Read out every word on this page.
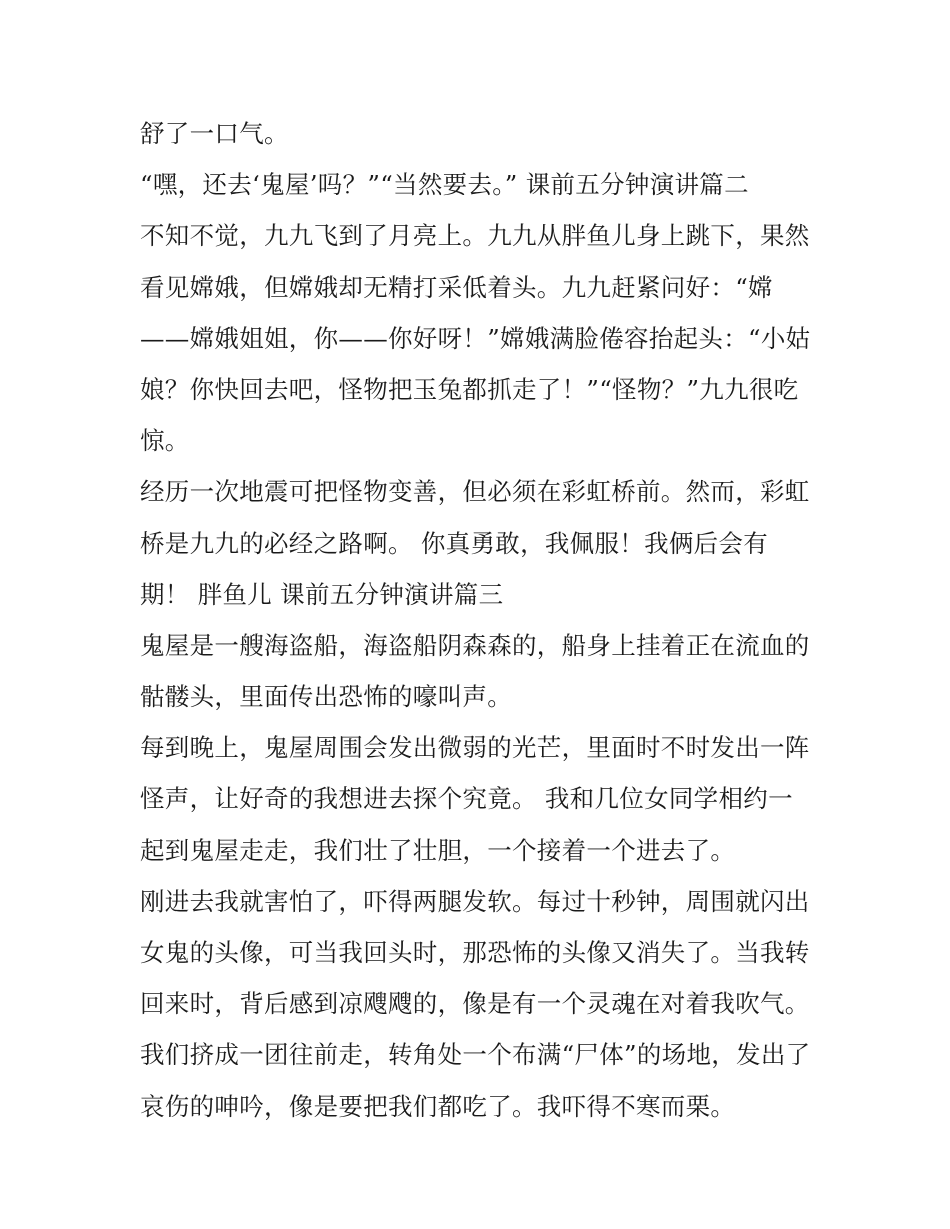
舒了一口气。
“嘿，还去‘鬼屋’吗？”“当然要去。” 课前五分钟演讲篇二
不知不觉，九九飞到了月亮上。九九从胖鱼儿身上跳下，果然
看见嫦娥，但嫦娥却无精打采低着头。九九赶紧问好：“嫦
——嫦娥姐姐，你——你好呀！”嫦娥满脸倦容抬起头：“小姑
娘？你快回去吧，怪物把玉兔都抓走了！”“怪物？”九九很吃
惊。
经历一次地震可把怪物变善，但必须在彩虹桥前。然而，彩虹
桥是九九的必经之路啊。 你真勇敢，我佩服！我俩后会有
期！ 胖鱼儿 课前五分钟演讲篇三
鬼屋是一艘海盗船，海盗船阴森森的，船身上挂着正在流血的
骷髅头，里面传出恐怖的嚎叫声。
每到晚上，鬼屋周围会发出微弱的光芒，里面时不时发出一阵
怪声，让好奇的我想进去探个究竟。 我和几位女同学相约一
起到鬼屋走走，我们壮了壮胆，一个接着一个进去了。
刚进去我就害怕了，吓得两腿发软。每过十秒钟，周围就闪出
女鬼的头像，可当我回头时，那恐怖的头像又消失了。当我转
回来时，背后感到凉飕飕的，像是有一个灵魂在对着我吹气。
我们挤成一团往前走，转角处一个布满“尸体”的场地，发出了
哀伤的呻吟，像是要把我们都吃了。我吓得不寒而栗。
